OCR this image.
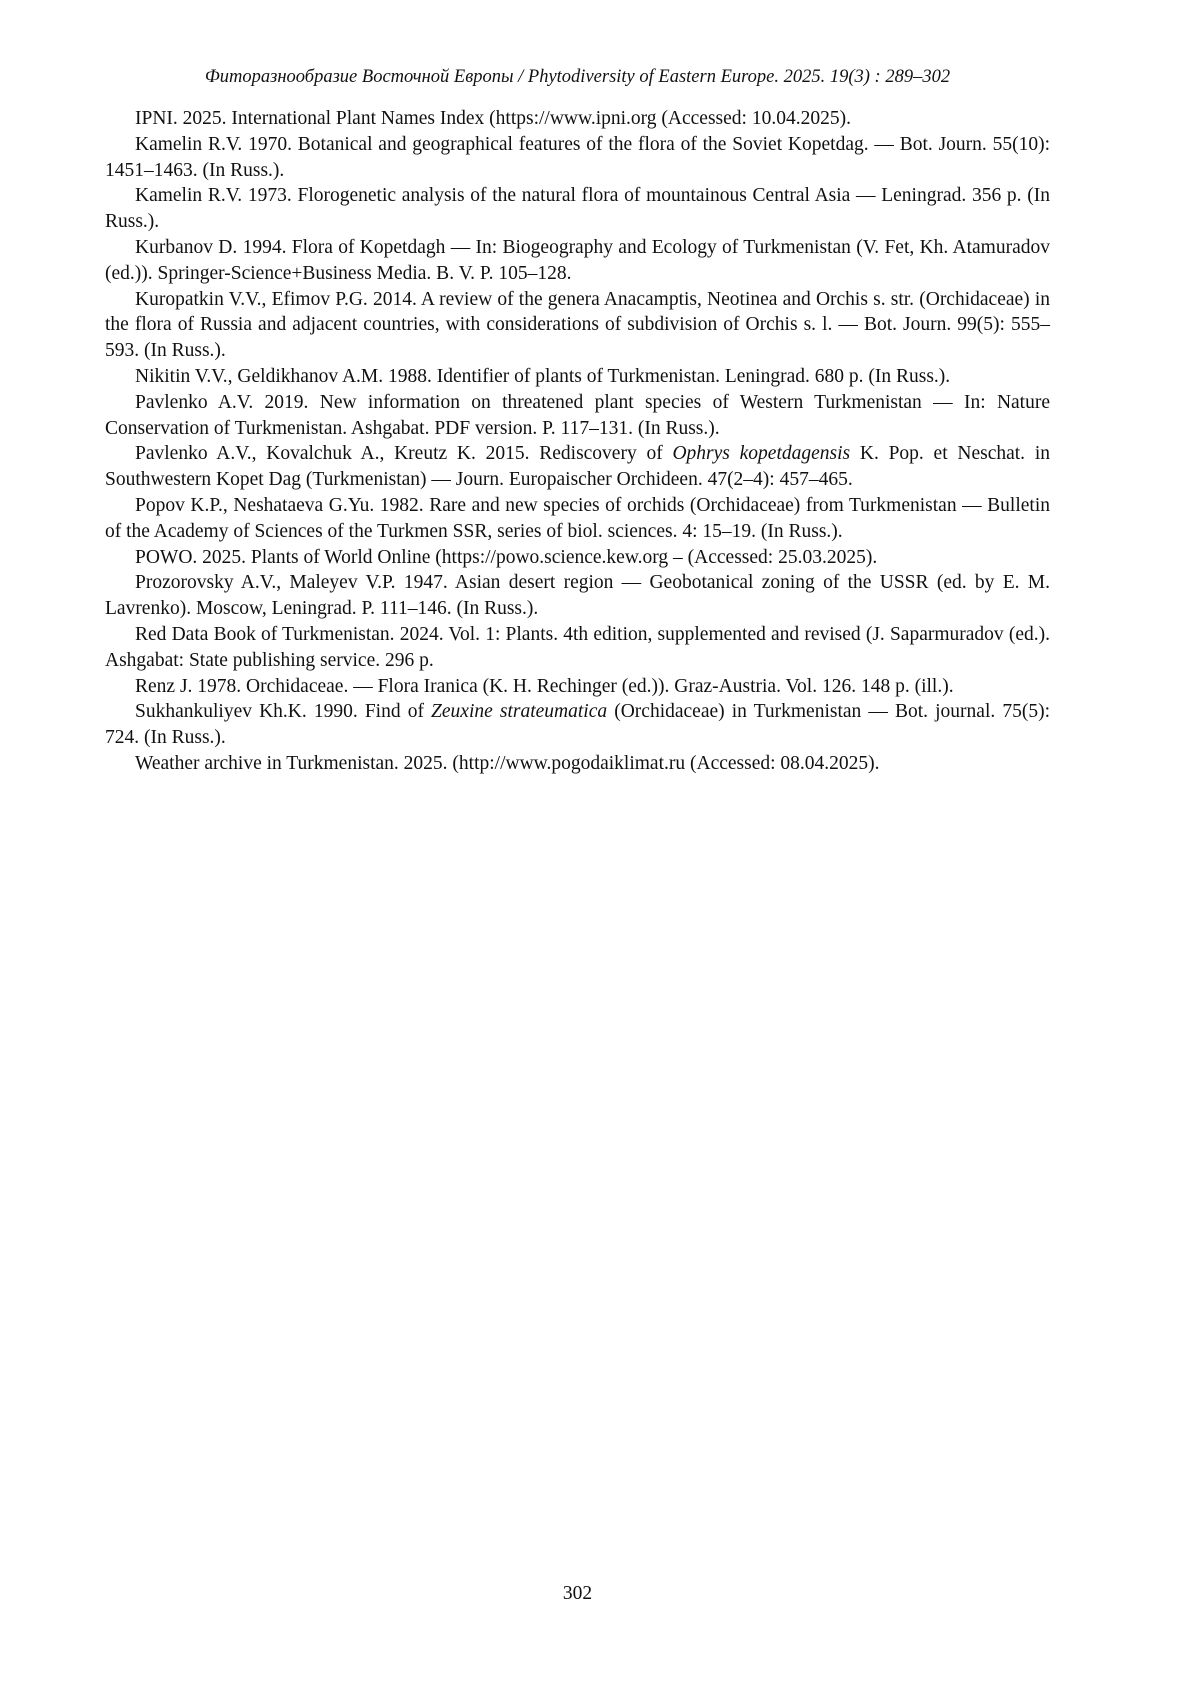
Фиторазнообразие Восточной Европы / Phytodiversity of Eastern Europe. 2025. 19(3) : 289–302

IPNI. 2025. International Plant Names Index (https://www.ipni.org (Accessed: 10.04.2025).

Kamelin R.V. 1970. Botanical and geographical features of the flora of the Soviet Kopetdag. — Bot. Journ. 55(10): 1451–1463. (In Russ.).

Kamelin R.V. 1973. Florogenetic analysis of the natural flora of mountainous Central Asia — Leningrad. 356 p. (In Russ.).

Kurbanov D. 1994. Flora of Kopetdagh — In: Biogeography and Ecology of Turkmenistan (V. Fet, Kh. Atamuradov (ed.)). Springer-Science+Business Media. B. V. P. 105–128.

Kuropatkin V.V., Efimov P.G. 2014. A review of the genera Anacamptis, Neotinea and Orchis s. str. (Orchidaceae) in the flora of Russia and adjacent countries, with considerations of subdivision of Orchis s. l. — Bot. Journ. 99(5): 555–593. (In Russ.).

Nikitin V.V., Geldikhanov A.M. 1988. Identifier of plants of Turkmenistan. Leningrad. 680 p. (In Russ.).

Pavlenko A.V. 2019. New information on threatened plant species of Western Turkmenistan — In: Nature Conservation of Turkmenistan. Ashgabat. PDF version. P. 117–131. (In Russ.).

Pavlenko A.V., Kovalchuk A., Kreutz K. 2015. Rediscovery of Ophrys kopetdagensis K. Pop. et Neschat. in Southwestern Kopet Dag (Turkmenistan) — Journ. Europaischer Orchideen. 47(2–4): 457–465.

Popov K.P., Neshataeva G.Yu. 1982. Rare and new species of orchids (Orchidaceae) from Turkmenistan — Bulletin of the Academy of Sciences of the Turkmen SSR, series of biol. sciences. 4: 15–19. (In Russ.).

POWO. 2025. Plants of World Online (https://powo.science.kew.org – (Accessed: 25.03.2025).

Prozorovsky A.V., Maleyev V.P. 1947. Asian desert region — Geobotanical zoning of the USSR (ed. by E. M. Lavrenko). Moscow, Leningrad. P. 111–146. (In Russ.).

Red Data Book of Turkmenistan. 2024. Vol. 1: Plants. 4th edition, supplemented and revised (J. Saparmuradov (ed.). Ashgabat: State publishing service. 296 p.

Renz J. 1978. Orchidaceae. — Flora Iranica (K. H. Rechinger (ed.)). Graz-Austria. Vol. 126. 148 p. (ill.).

Sukhankuliyev Kh.K. 1990. Find of Zeuxine strateumatica (Orchidaceae) in Turkmenistan — Bot. journal. 75(5): 724. (In Russ.).

Weather archive in Turkmenistan. 2025. (http://www.pogodaiklimat.ru (Accessed: 08.04.2025).

302
